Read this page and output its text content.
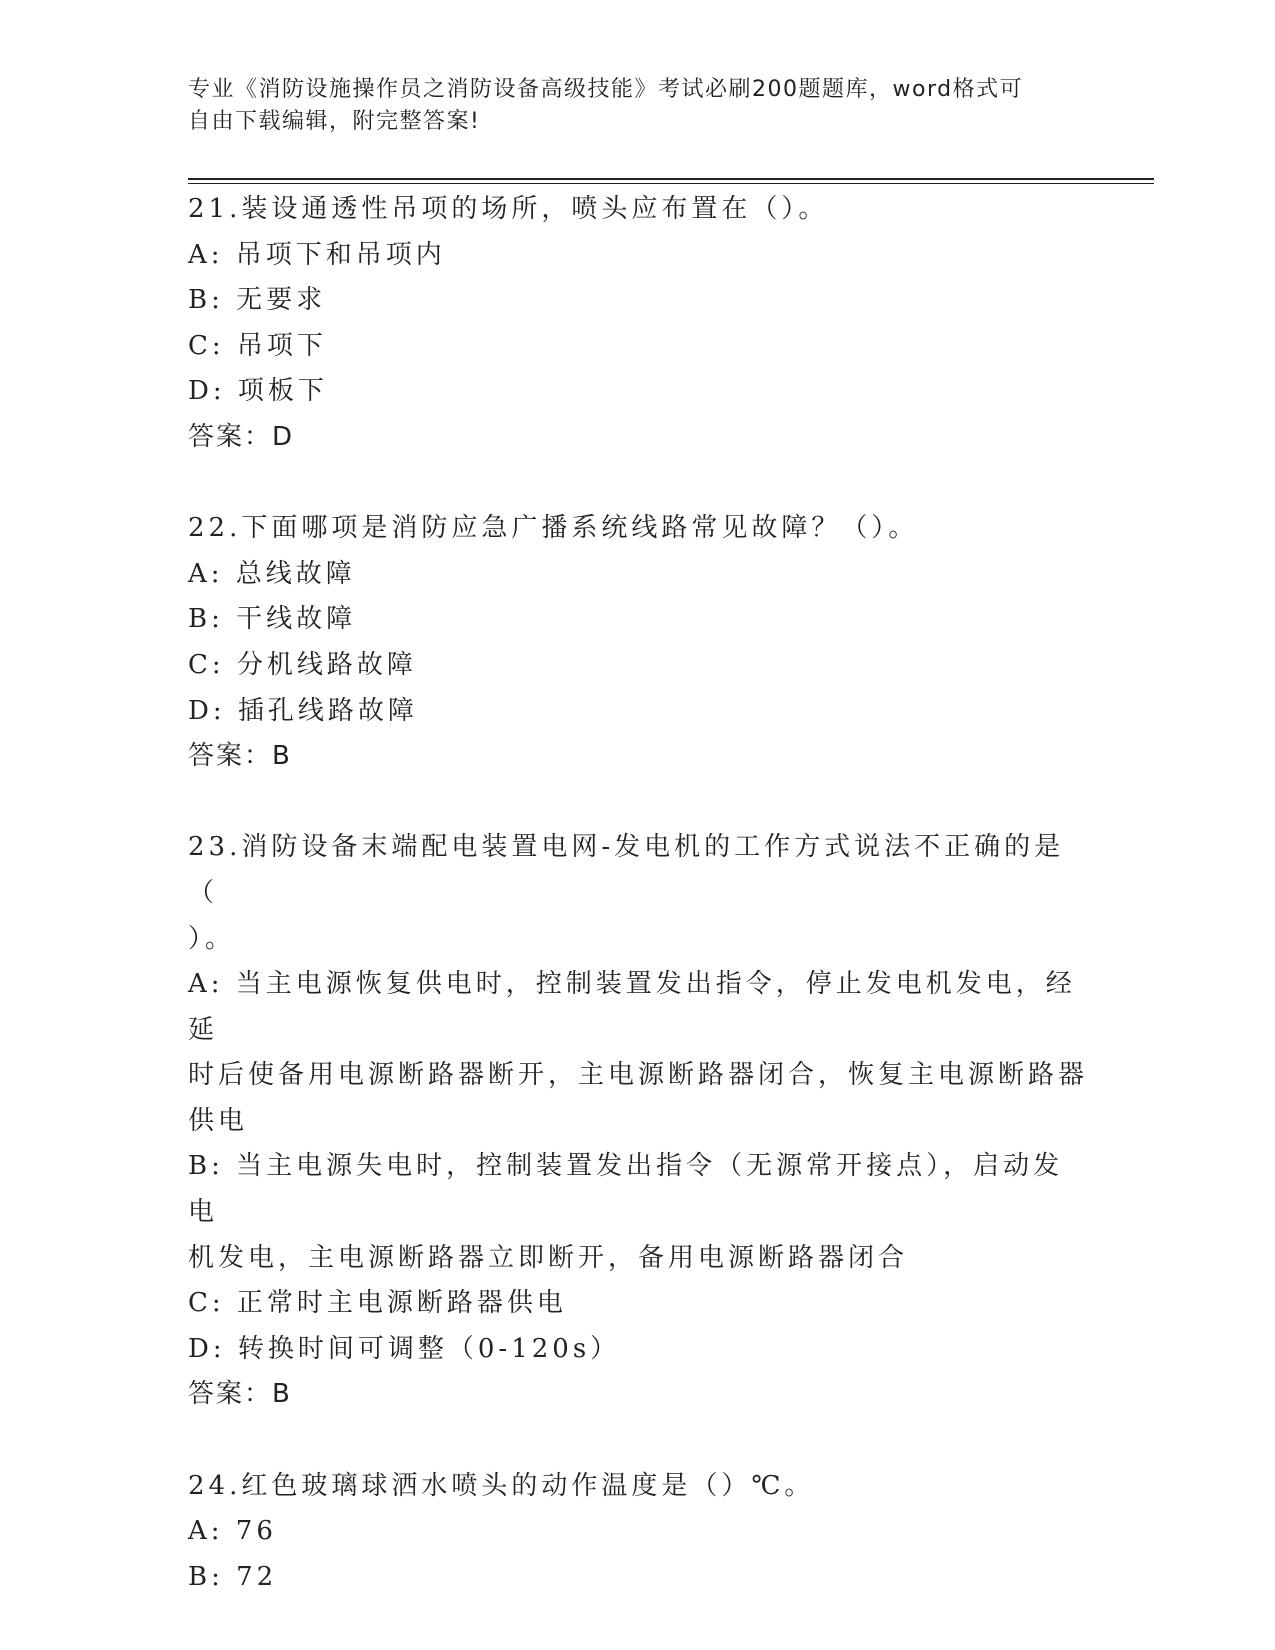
专业《消防设施操作员之消防设备高级技能》考试必刷200题题库，word格式可
自由下载编辑，附完整答案!
21.装设通透性吊项的场所，喷头应布置在（）。
A: 吊项下和吊项内
B: 无要求
C: 吊项下
D: 项板下
答案：D
22.下面哪项是消防应急广播系统线路常见故障？（）。
A: 总线故障
B: 干线故障
C: 分机线路故障
D: 插孔线路故障
答案：B
23.消防设备末端配电装置电网-发电机的工作方式说法不正确的是（
）。
A: 当主电源恢复供电时，控制装置发出指令，停止发电机发电，经延
时后使备用电源断路器断开，主电源断路器闭合，恢复主电源断路器
供电
B: 当主电源失电时，控制装置发出指令（无源常开接点），启动发电
机发电，主电源断路器立即断开，备用电源断路器闭合
C: 正常时主电源断路器供电
D: 转换时间可调整（0-120s）
答案：B
24.红色玻璃球洒水喷头的动作温度是（）℃。
A: 76
B: 72
